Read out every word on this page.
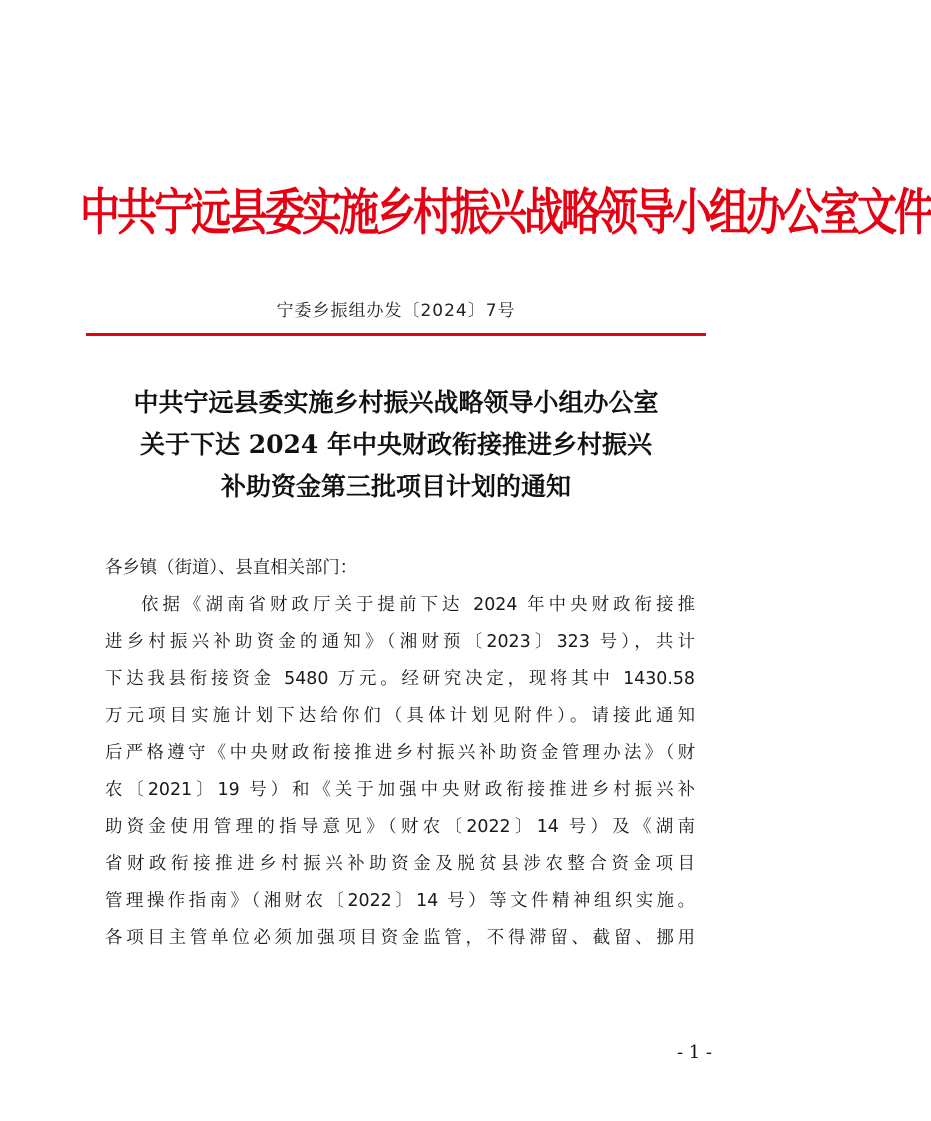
中共宁远县委实施乡村振兴战略领导小组办公室文件
宁委乡振组办发〔2024〕7号
中共宁远县委实施乡村振兴战略领导小组办公室
关于下达 2024 年中央财政衔接推进乡村振兴
补助资金第三批项目计划的通知
各乡镇（街道）、县直相关部门：
依据《湖南省财政厅关于提前下达 2024 年中央财政衔接推
进乡村振兴补助资金的通知》（湘财预〔2023〕323 号），共计
下达我县衔接资金 5480 万元。经研究决定，现将其中 1430.58
万元项目实施计划下达给你们（具体计划见附件）。请接此通知
后严格遵守《中央财政衔接推进乡村振兴补助资金管理办法》（财
农〔2021〕19 号）和《关于加强中央财政衔接推进乡村振兴补
助资金使用管理的指导意见》（财农〔2022〕14 号）及《湖南
省财政衔接推进乡村振兴补助资金及脱贫县涉农整合资金项目
管理操作指南》（湘财农〔2022〕14 号）等文件精神组织实施。
各项目主管单位必须加强项目资金监管，不得滞留、截留、挪用
- 1 -
